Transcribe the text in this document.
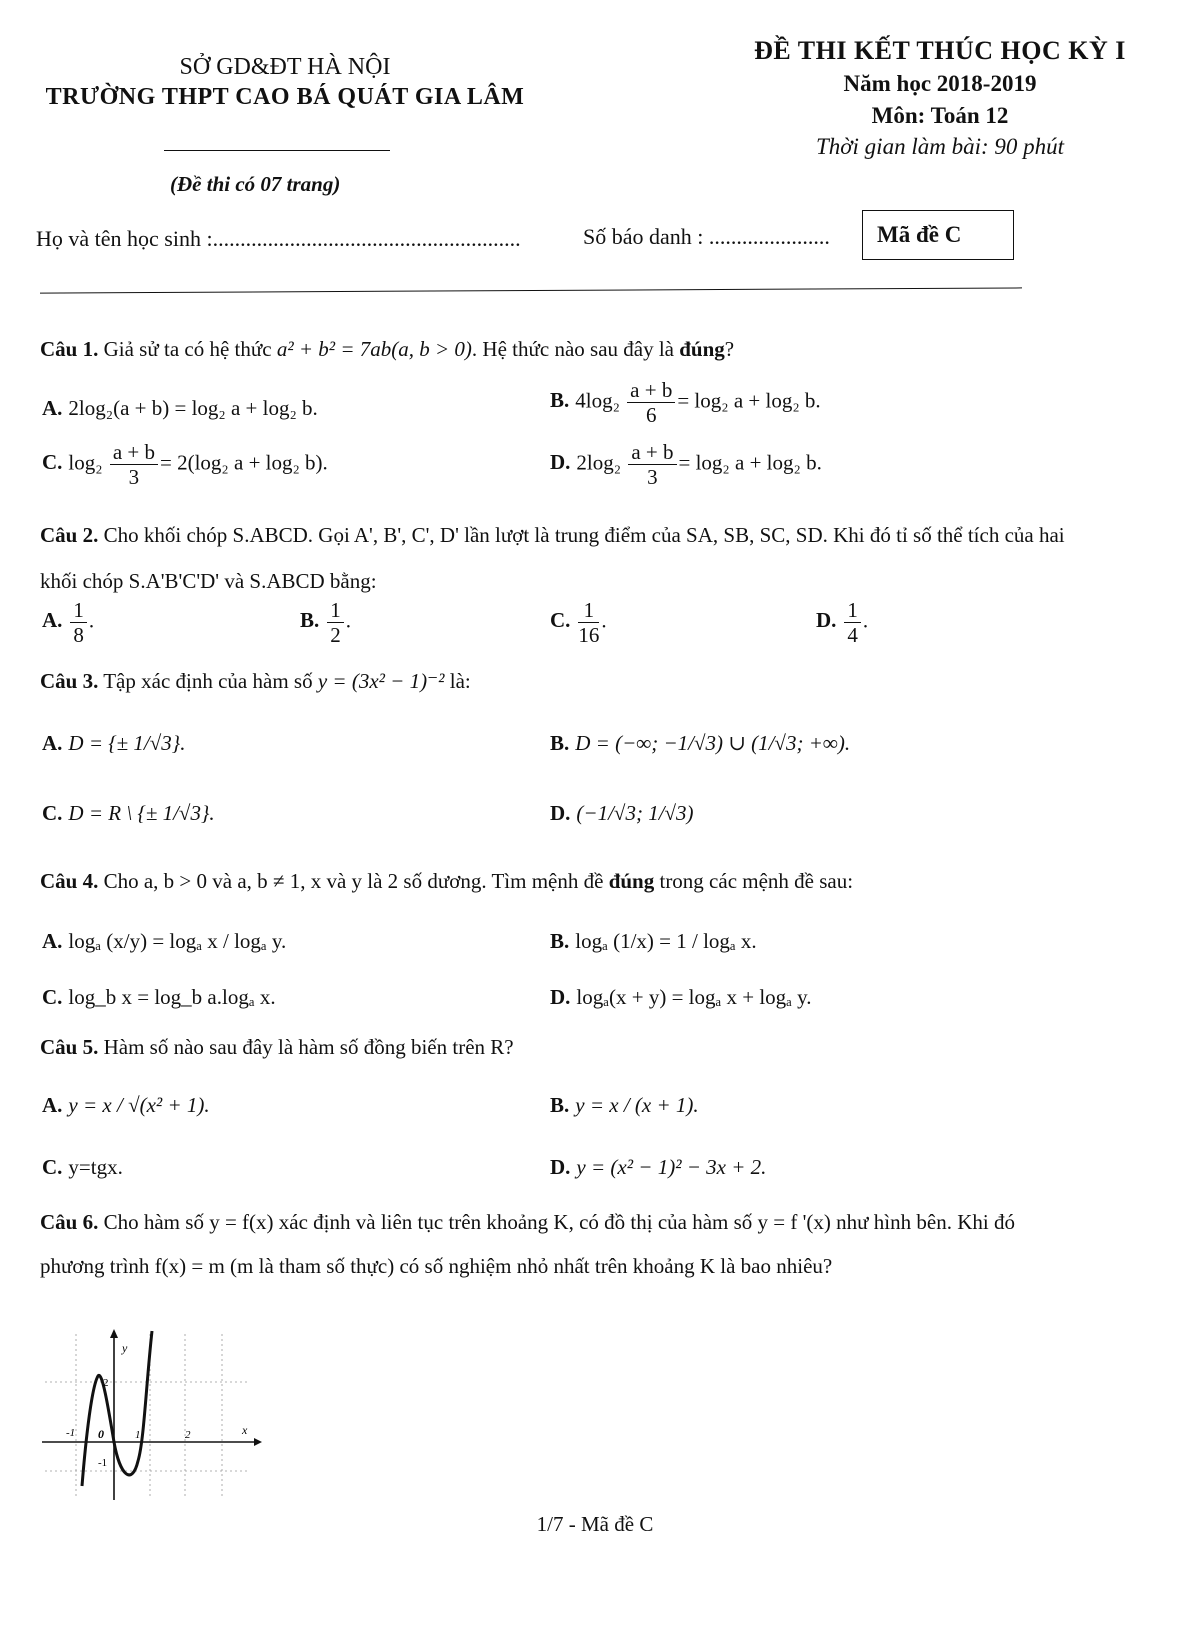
SỞ GD&ĐT HÀ NỘI
TRƯỜNG THPT CAO BÁ QUÁT GIA LÂM
ĐỀ THI KẾT THÚC HỌC KỲ I
Năm học 2018-2019
Môn: Toán 12
Thời gian làm bài: 90 phút
(Đề thi có 07 trang)
Họ và tên học sinh :........................................................	Số báo danh : ......................	Mã đề C
Câu 1. Giả sử ta có hệ thức a² + b² = 7ab(a, b > 0). Hệ thức nào sau đây là đúng?
A. 2log₂(a + b) = log₂ a + log₂ b.	B. $4\log_2 \frac{a + b}{6} = \log_2$ a + log₂ b.
C. $\log_2 \frac{a + b}{3} = 2(\log_2$ a + log₂ b).	D. $2\log_2 \frac{a + b}{3} = \log_2$ a + log₂ b.
Câu 2. Cho khối chóp S.ABCD. Gọi A', B', C', D' lần lượt là trung điểm của SA, SB, SC, SD. Khi đó tỉ số thể tích của hai khối chóp S.A'B'C'D' và S.ABCD bằng:
A. $\frac{1}{8}$ .	B. $\frac{1}{2}$ .	C. $\frac{1}{16}$ .	D. $\frac{1}{4}$ .
Câu 3. Tập xác định của hàm số y = (3x² − 1)⁻² là:
A. D = {± 1/√3}.	B. D = (−∞; −1/√3) ∪ (1/√3; +∞).
C. D = R \ {± 1/√3}.	D. (−1/√3; 1/√3)
Câu 4. Cho a, b > 0 và a, b ≠ 1, x và y là 2 số dương. Tìm mệnh đề đúng trong các mệnh đề sau:
A. logₐ (x/y) = logₐ x / logₐ y.	B. logₐ (1/x) = 1 / logₐ x.
C. log_b x = log_b a.logₐ x.	D. logₐ(x + y) = logₐ x + logₐ y.
Câu 5. Hàm số nào sau đây là hàm số đồng biến trên R?
A. y = x / √(x² + 1).	B. y = x / (x + 1).
C. y=tgx.	D. y = (x² − 1)² − 3x + 2.
Câu 6. Cho hàm số y = f(x) xác định và liên tục trên khoảng K, có đồ thị của hàm số y = f '(x) như hình bên. Khi đó phương trình f(x) = m (m là tham số thực) có số nghiệm nhỏ nhất trên khoảng K là bao nhiêu?
y
x
2
-1 0	1	2
-1
1/7 - Mã đề C
